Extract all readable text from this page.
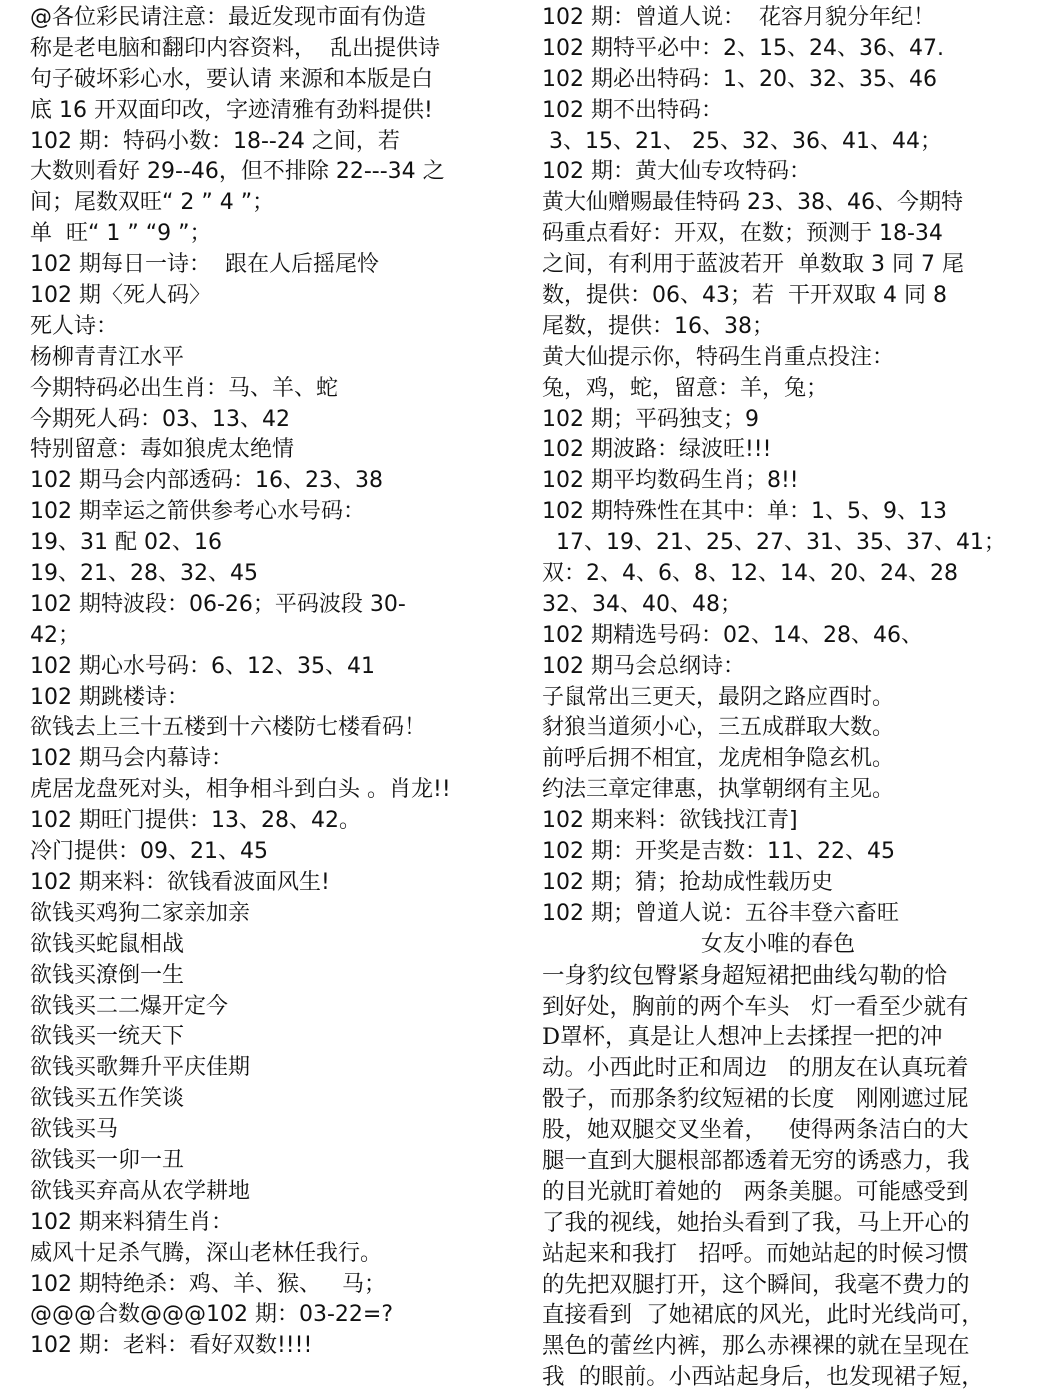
@各位彩民请注意：最近发现市面有伪造
称是老电脑和翻印内容资料，  乱出提供诗
句子破坏彩心水，要认请 来源和本版是白
底 16 开双面印改，字迹清雅有劲料提供!
102 期：特码小数：18--24 之间，若
大数则看好 29--46，但不排除 22---34 之
间；尾数双旺“ 2 ” 4 ”；
单  旺“ 1 ” “9 ”；
102 期每日一诗：  跟在人后摇尾怜
102 期〈死人码〉
死人诗：
杨柳青青江水平
今期特码必出生肖：马、羊、蛇
今期死人码：03、13、42
特别留意：毒如狼虎太绝情
102 期马会内部透码：16、23、38
102 期幸运之箭供参考心水号码：
19、31 配 02、16
19、21、28、32、45
102 期特波段：06-26；平码波段 30-
42；
102 期心水号码：6、12、35、41
102 期跳楼诗：
欲钱去上三十五楼到十六楼防七楼看码！
102 期马会内幕诗：
虎居龙盘死对头，相争相斗到白头 。肖龙!!
102 期旺门提供：13、28、42。
冷门提供：09、21、45
102 期来料：欲钱看波面风生!
欲钱买鸡狗二家亲加亲
欲钱买蛇鼠相战
欲钱买潦倒一生
欲钱买二二爆开定今
欲钱买一统天下
欲钱买歌舞升平庆佳期
欲钱买五作笑谈
欲钱买马
欲钱买一卯一丑
欲钱买弃高从农学耕地
102 期来料猜生肖：
威风十足杀气腾，深山老林任我行。
102 期特绝杀：鸡、羊、猴、   马；
@@@合数@@@102 期：03-22=?
102 期：老料：看好双数!!!!
102 期：曾道人说：  花容月貌分年纪！
102 期特平必中：2、15、24、36、47.
102 期必出特码：1、20、32、35、46
102 期不出特码：
3、15、21、 25、32、36、41、44；
102 期：黄大仙专攻特码：
黄大仙赠赐最佳特码 23、38、46、今期特
码重点看好：开双，在数；预测于 18-34
之间，有利用于蓝波若开  单数取 3 同 7 尾
数，提供：06、43；若  干开双取 4 同 8
尾数，提供：16、38；
黄大仙提示你，特码生肖重点投注：
兔，鸡，蛇，留意：羊，兔；
102 期；平码独支；9
102 期波路：绿波旺!!!
102 期平均数码生肖；8!!
102 期特殊性在其中：单：1、5、9、13
17、19、21、25、27、31、35、37、41；
双：2、4、6、8、12、14、20、24、28
32、34、40、48；
102 期精选号码：02、14、28、46、
102 期马会总纲诗：
子鼠常出三更天，最阴之路应酉时。
豺狼当道须小心，三五成群取大数。
前呼后拥不相宜，龙虎相争隐玄机。
约法三章定律惠，执掌朝纲有主见。
102 期来料：欲钱找江青]
102 期：开奖是吉数：11、22、45
102 期；猜；抢劫成性载历史
102 期；曾道人说：五谷丰登六畜旺
女友小唯的春色
一身豹纹包臀紧身超短裙把曲线勾勒的恰
到好处，胸前的两个车头   灯一看至少就有
D罩杯，真是让人想冲上去揉捏一把的冲
动。小西此时正和周边   的朋友在认真玩着
骰子，而那条豹纹短裙的长度   刚刚遮过屁
股，她双腿交叉坐着，   使得两条洁白的大
腿一直到大腿根部都透着无穷的诱惑力，我
的目光就盯着她的   两条美腿。可能感受到
了我的视线，她抬头看到了我，马上开心的
站起来和我打   招呼。而她站起的时候习惯
的先把双腿打开，这个瞬间，我毫不费力的
直接看到  了她裙底的风光，此时光线尚可，
黑色的蕾丝内裤，那么赤裸裸的就在呈现在
我  的眼前。小西站起身后，也发现裙子短，
